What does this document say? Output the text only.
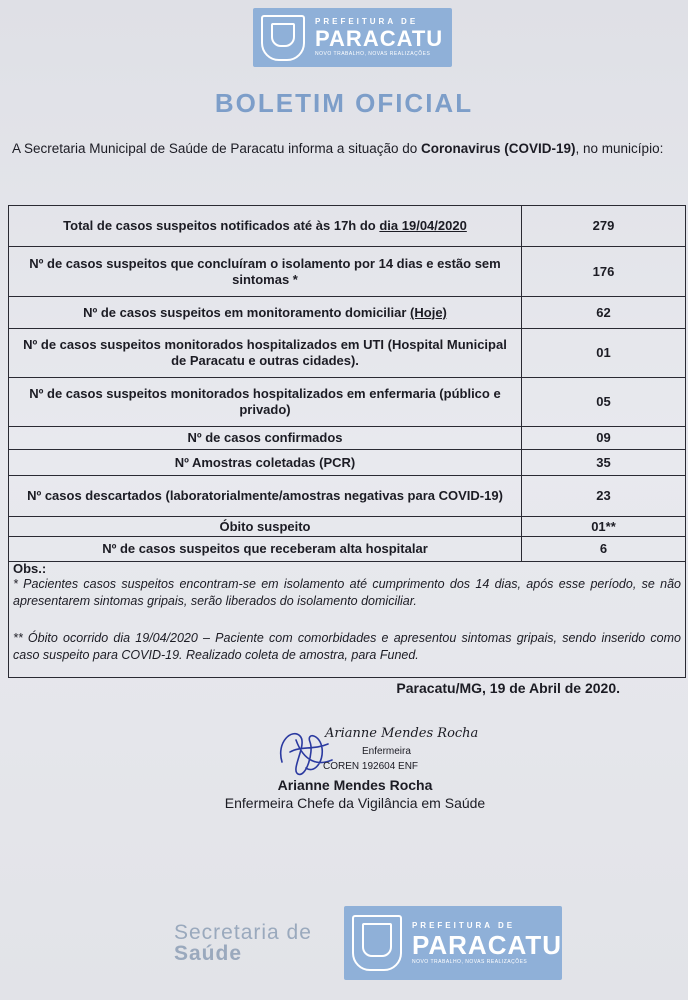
PREFEITURA DE
PARACATU
NOVO TRABALHO, NOVAS REALIZAÇÕES
BOLETIM OFICIAL
A Secretaria Municipal de Saúde de Paracatu informa a situação do Coronavirus (COVID-19), no município:
Total de casos suspeitos notificados até às 17h do dia 19/04/2020	279
Nº de casos suspeitos que concluíram o isolamento por 14 dias e estão sem sintomas *	176
Nº de casos suspeitos em monitoramento domiciliar (Hoje)	62
Nº de casos suspeitos monitorados hospitalizados em UTI (Hospital Municipal de Paracatu e outras cidades).	01
Nº de casos suspeitos monitorados hospitalizados em enfermaria (público e privado)	05
Nº de casos confirmados	09
Nº Amostras coletadas (PCR)	35
Nº casos descartados (laboratorialmente/amostras negativas para COVID-19)	23
Óbito suspeito	01**
Nº de casos suspeitos que receberam alta hospitalar	6
Obs.:

* Pacientes casos suspeitos encontram-se em isolamento até cumprimento dos 14 dias, após esse período, se não apresentarem sintomas gripais, serão liberados do isolamento domiciliar.

** Óbito ocorrido dia 19/04/2020 – Paciente com comorbidades e apresentou sintomas gripais, sendo inserido como caso suspeito para COVID-19. Realizado coleta de amostra, para Funed.

Paracatu/MG, 19 de Abril de 2020.
Arianne Mendes Rocha
Enfermeira
COREN 192604 ENF
Arianne Mendes Rocha
Enfermeira Chefe da Vigilância em Saúde
Secretaria de
Saúde
PREFEITURA DE
PARACATU
NOVO TRABALHO, NOVAS REALIZAÇÕES
